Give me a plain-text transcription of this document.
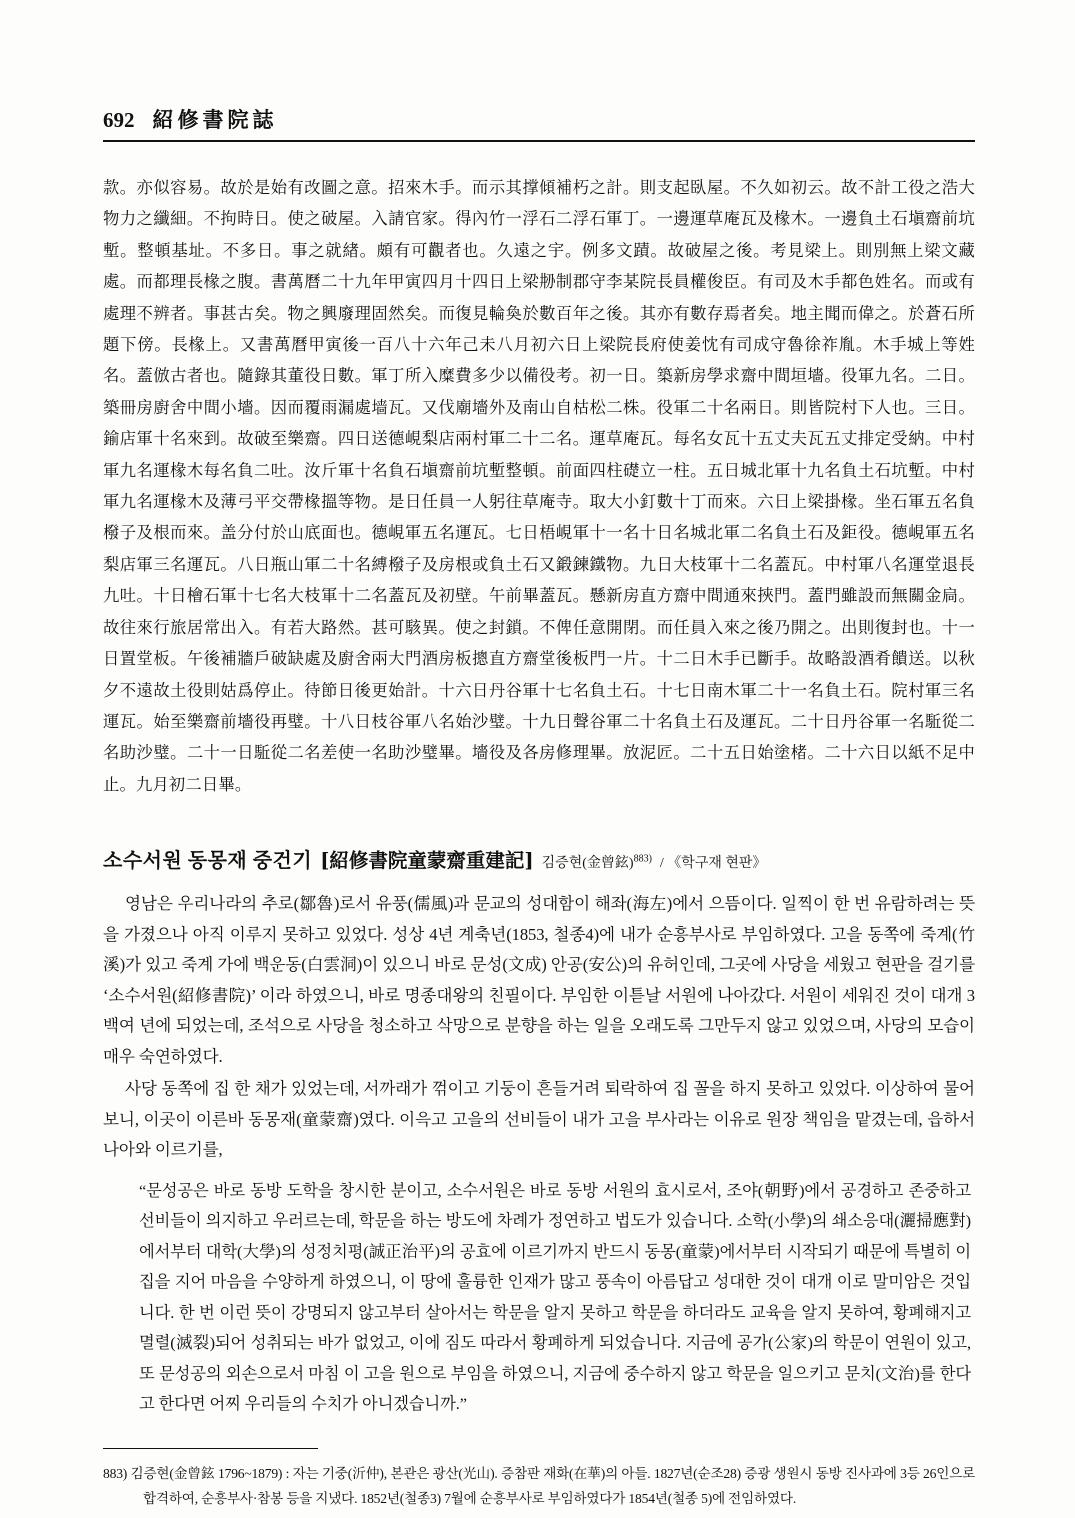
692 紹修書院誌
款。亦似容易。故於是始有改圖之意。招來木手。而示其撑傾補朽之計。則支起臥屋。不久如初云。故不計工役之浩大物力之纖細。不拘時日。使之破屋。入請官家。得內竹一浮石二浮石軍丁。一邊運草庵瓦及椽木。一邊負土石塡齋前坑塹。整頓基址。不多日。事之就緖。頗有可觀者也。久遠之宇。例多文蹟。故破屋之後。考見梁上。則別無上梁文藏處。而都理長椽之腹。書萬曆二十九年甲寅四月十四日上梁刱制郡守李某院長員權俊臣。有司及木手都色姓名。而或有處理不辨者。事甚古矣。物之興廢理固然矣。而復見輪奐於數百年之後。其亦有數存焉者矣。地主聞而偉之。於蒼石所題下傍。長椽上。又書萬曆甲寅後一百八十六年己未八月初六日上梁院長府使姜忱有司成守魯徐祚胤。木手城上等姓名。蓋倣古者也。隨錄其董役日數。軍丁所入糜費多少以備役考。初一日。築新房學求齋中間垣墻。役軍九名。二日。築冊房廚舍中間小墻。因而覆雨漏處墙瓦。又伐廟墻外及南山自枯松二株。役軍二十名兩日。則皆院村下人也。三日。鍮店軍十名來到。故破至樂齋。四日送德峴梨店兩村軍二十二名。運草庵瓦。每名女瓦十五丈夫瓦五丈排定受納。中村軍九名運椽木每名負二吐。汝斤軍十名負石塡齋前坑塹整頓。前面四柱礎立一柱。五日城北軍十九名負土石坑塹。中村軍九名運椽木及薄弓平交帶椽搵等物。是日任員一人躬往草庵寺。取大小釘數十丁而來。六日上梁掛椽。坐石軍五名負橃子及根而來。盖分付於山底面也。德峴軍五名運瓦。七日梧峴軍十一名十日名城北軍二名負土石及鉅役。德峴軍五名梨店軍三名運瓦。八日瓶山軍二十名縛橃子及房根或負土石又鍛鍊鐵物。九日大枝軍十二名蓋瓦。中村軍八名運堂退長九吐。十日檜石軍十七名大枝軍十二名蓋瓦及初壁。午前畢蓋瓦。懸新房直方齋中間通來挾門。蓋門雖設而無關金扃。故往來行旅居常出入。有若大路然。甚可駭異。使之封鎖。不俾任意開閉。而任員入來之後乃開之。出則復封也。十一日置堂板。午後補牆戶破缺處及廚舍兩大門酒房板摠直方齋堂後板門一片。十二日木手已斷手。故略設酒肴饋送。以秋夕不遠故土役則姑爲停止。待節日後更始計。十六日丹谷軍十七名負土石。十七日南木軍二十一名負土石。院村軍三名運瓦。始至樂齋前墻役再璧。十八日枝谷軍八名始沙璧。十九日聲谷軍二十名負土石及運瓦。二十日丹谷軍一名駈從二名助沙璧。二十一日駈從二名差使一名助沙璧畢。墻役及各房修理畢。放泥匠。二十五日始塗楮。二十六日以紙不足中止。九月初二日畢。
소수서원 동몽재 중건기 [紹修書院童蒙齋重建記] 김증현(金曾鉉)$^{883)}$ / 《학구재 현판》

영남은 우리나라의 추로(鄒魯)로서 유풍(儒風)과 문교의 성대함이 해좌(海左)에서 으뜸이다. 일찍이 한 번 유람하려는 뜻을 가졌으나 아직 이루지 못하고 있었다. 성상 4년 계축년(1853, 철종4)에 내가 순흥부사로 부임하였다. 고을 동쪽에 죽계(竹溪)가 있고 죽계 가에 백운동(白雲洞)이 있으니 바로 문성(文成) 안공(安公)의 유허인데, 그곳에 사당을 세웠고 현판을 걸기를 ‘소수서원(紹修書院)’ 이라 하였으니, 바로 명종대왕의 친필이다. 부임한 이튿날 서원에 나아갔다. 서원이 세워진 것이 대개 3백여 년에 되었는데, 조석으로 사당을 청소하고 삭망으로 분향을 하는 일을 오래도록 그만두지 않고 있었으며, 사당의 모습이 매우 숙연하였다.

사당 동쪽에 집 한 채가 있었는데, 서까래가 꺾이고 기둥이 흔들거려 퇴락하여 집 꼴을 하지 못하고 있었다. 이상하여 물어보니, 이곳이 이른바 동몽재(童蒙齋)였다. 이윽고 고을의 선비들이 내가 고을 부사라는 이유로 원장 책임을 맡겼는데, 읍하서 나아와 이르기를,

“문성공은 바로 동방 도학을 창시한 분이고, 소수서원은 바로 동방 서원의 효시로서, 조야(朝野)에서 공경하고 존중하고 선비들이 의지하고 우러르는데, 학문을 하는 방도에 차례가 정연하고 법도가 있습니다. 소학(小學)의 쇄소응대(灑掃應對)에서부터 대학(大學)의 성정치평(誠正治平)의 공효에 이르기까지 반드시 동몽(童蒙)에서부터 시작되기 때문에 특별히 이 집을 지어 마음을 수양하게 하였으니, 이 땅에 훌륭한 인재가 많고 풍속이 아름답고 성대한 것이 대개 이로 말미암은 것입니다. 한 번 이런 뜻이 강명되지 않고부터 살아서는 학문을 알지 못하고 학문을 하더라도 교육을 알지 못하여, 황폐해지고 멸렬(滅裂)되어 성취되는 바가 없었고, 이에 짐도 따라서 황폐하게 되었습니다. 지금에 공가(公家)의 학문이 연원이 있고, 또 문성공의 외손으로서 마침 이 고을 원으로 부임을 하였으니, 지금에 중수하지 않고 학문을 일으키고 문치(文治)를 한다고 한다면 어찌 우리들의 수치가 아니겠습니까.”
883) 김증현(金曾鉉 1796~1879) : 자는 기중(沂仲), 본관은 광산(光山). 증참판 재화(在華)의 아들. 1827년(순조28) 증광 생원시 동방 진사과에 3등 26인으로 합격하여, 순흥부사·참봉 등을 지냈다. 1852년(철종3) 7월에 순흥부사로 부임하였다가 1854년(철종 5)에 전임하였다.
